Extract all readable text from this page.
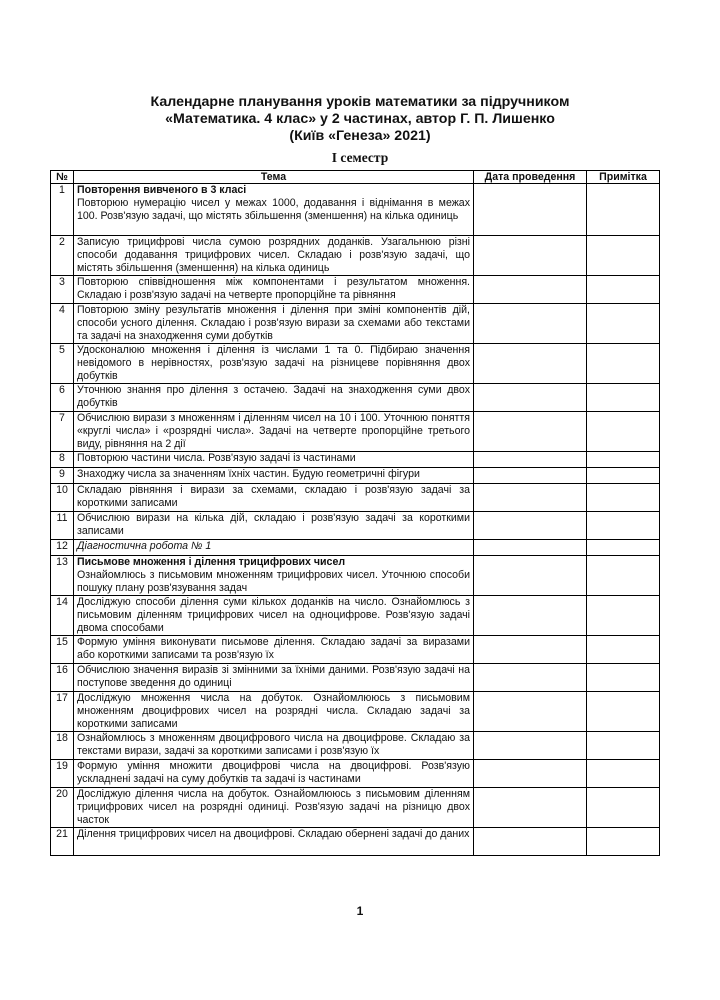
Календарне планування уроків математики за підручником
«Математика. 4 клас» у 2 частинах, автор Г. П. Лишенко
(Київ «Генеза» 2021)
I семестр
№	Тема	Дата проведення	Примітка
1	Повторення вивченого в 3 класі
Повторюю нумерацію чисел у межах 1000, додавання і віднімання в межах 100. Розв'язую задачі, що містять збільшення (зменшення) на кілька одиниць		
2	Записую трицифрові числа сумою розрядних доданків. Узагальнюю різні способи додавання трицифрових чисел. Складаю і розв'язую задачі, що містять збільшення (зменшення) на кілька одиниць		
3	Повторюю співвідношення між компонентами і результатом множення. Складаю і розв'язую задачі на четверте пропорційне та рівняння		
4	Повторюю зміну результатів множення і ділення при зміні компонентів дій, способи усного ділення. Складаю і розв'язую вирази за схемами або текстами та задачі на знаходження суми добутків		
5	Удосконалюю множення і ділення із числами 1 та 0. Підбираю значення невідомого в нерівностях, розв'язую задачі на різницеве порівняння двох добутків		
6	Уточнюю знання про ділення з остачею. Задачі на знаходження суми двох добутків		
7	Обчислюю вирази з множенням і діленням чисел на 10 і 100. Уточнюю поняття «круглі числа» і «розрядні числа». Задачі на четверте пропорційне третього виду, рівняння на 2 дії		
8	Повторюю частини числа. Розв'язую задачі із частинами		
9	Знаходжу числа за значенням їхніх частин. Будую геометричні фігури		
10	Складаю рівняння і вирази за схемами, складаю і розв'язую задачі за короткими записами		
11	Обчислюю вирази на кілька дій, складаю і розв'язую задачі за короткими записами		
12	Діагностична робота № 1		
13	Письмове множення і ділення трицифрових чисел
Ознайомлюсь з письмовим множенням трицифрових чисел. Уточнюю способи пошуку плану розв'язування задач		
14	Досліджую способи ділення суми кількох доданків на число. Ознайомлюсь з письмовим діленням трицифрових чисел на одноцифрове. Розв'язую задачі двома способами		
15	Формую уміння виконувати письмове ділення. Складаю задачі за виразами або короткими записами та розв'язую їх		
16	Обчислюю значення виразів зі змінними за їхніми даними. Розв'язую задачі на поступове зведення до одиниці		
17	Досліджую множення числа на добуток. Ознайомлююсь з письмовим множенням двоцифрових чисел на розрядні числа. Складаю задачі за короткими записами		
18	Ознайомлюсь з множенням двоцифрового числа на двоцифрове. Складаю за текстами вирази, задачі за короткими записами і розв'язую їх		
19	Формую уміння множити двоцифрові числа на двоцифрові. Розв'язую ускладнені задачі на суму добутків та задачі із частинами		
20	Досліджую ділення числа на добуток. Ознайомлююсь з письмовим діленням трицифрових чисел на розрядні одиниці. Розв'язую задачі на різницю двох часток		
21	Ділення трицифрових чисел на двоцифрові. Складаю обернені задачі до даних		
1
